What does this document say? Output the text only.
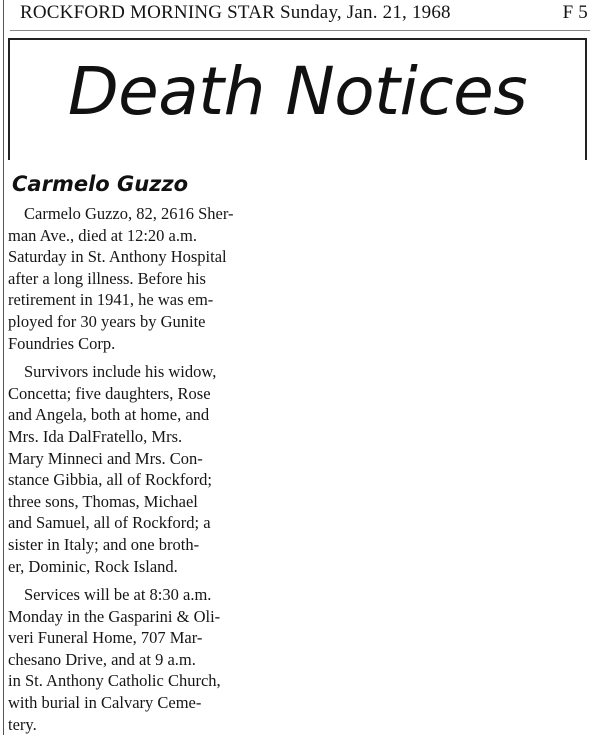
ROCKFORD MORNING STAR Sunday, Jan. 21, 1968	F 5
Death Notices
Carmelo Guzzo

Carmelo Guzzo, 82, 2616 Sher-
man Ave., died at 12:20 a.m.
Saturday in St. Anthony Hospital
after a long illness. Before his
retirement in 1941, he was em-
ployed for 30 years by Gunite
Foundries Corp.

Survivors include his widow,
Concetta; five daughters, Rose
and Angela, both at home, and
Mrs. Ida DalFratello, Mrs.
Mary Minneci and Mrs. Con-
stance Gibbia, all of Rockford;
three sons, Thomas, Michael
and Samuel, all of Rockford; a
sister in Italy; and one broth-
er, Dominic, Rock Island.

Services will be at 8:30 a.m.
Monday in the Gasparini & Oli-
veri Funeral Home, 707 Mar-
chesano Drive, and at 9 a.m.
in St. Anthony Catholic Church,
with burial in Calvary Ceme-
tery.
